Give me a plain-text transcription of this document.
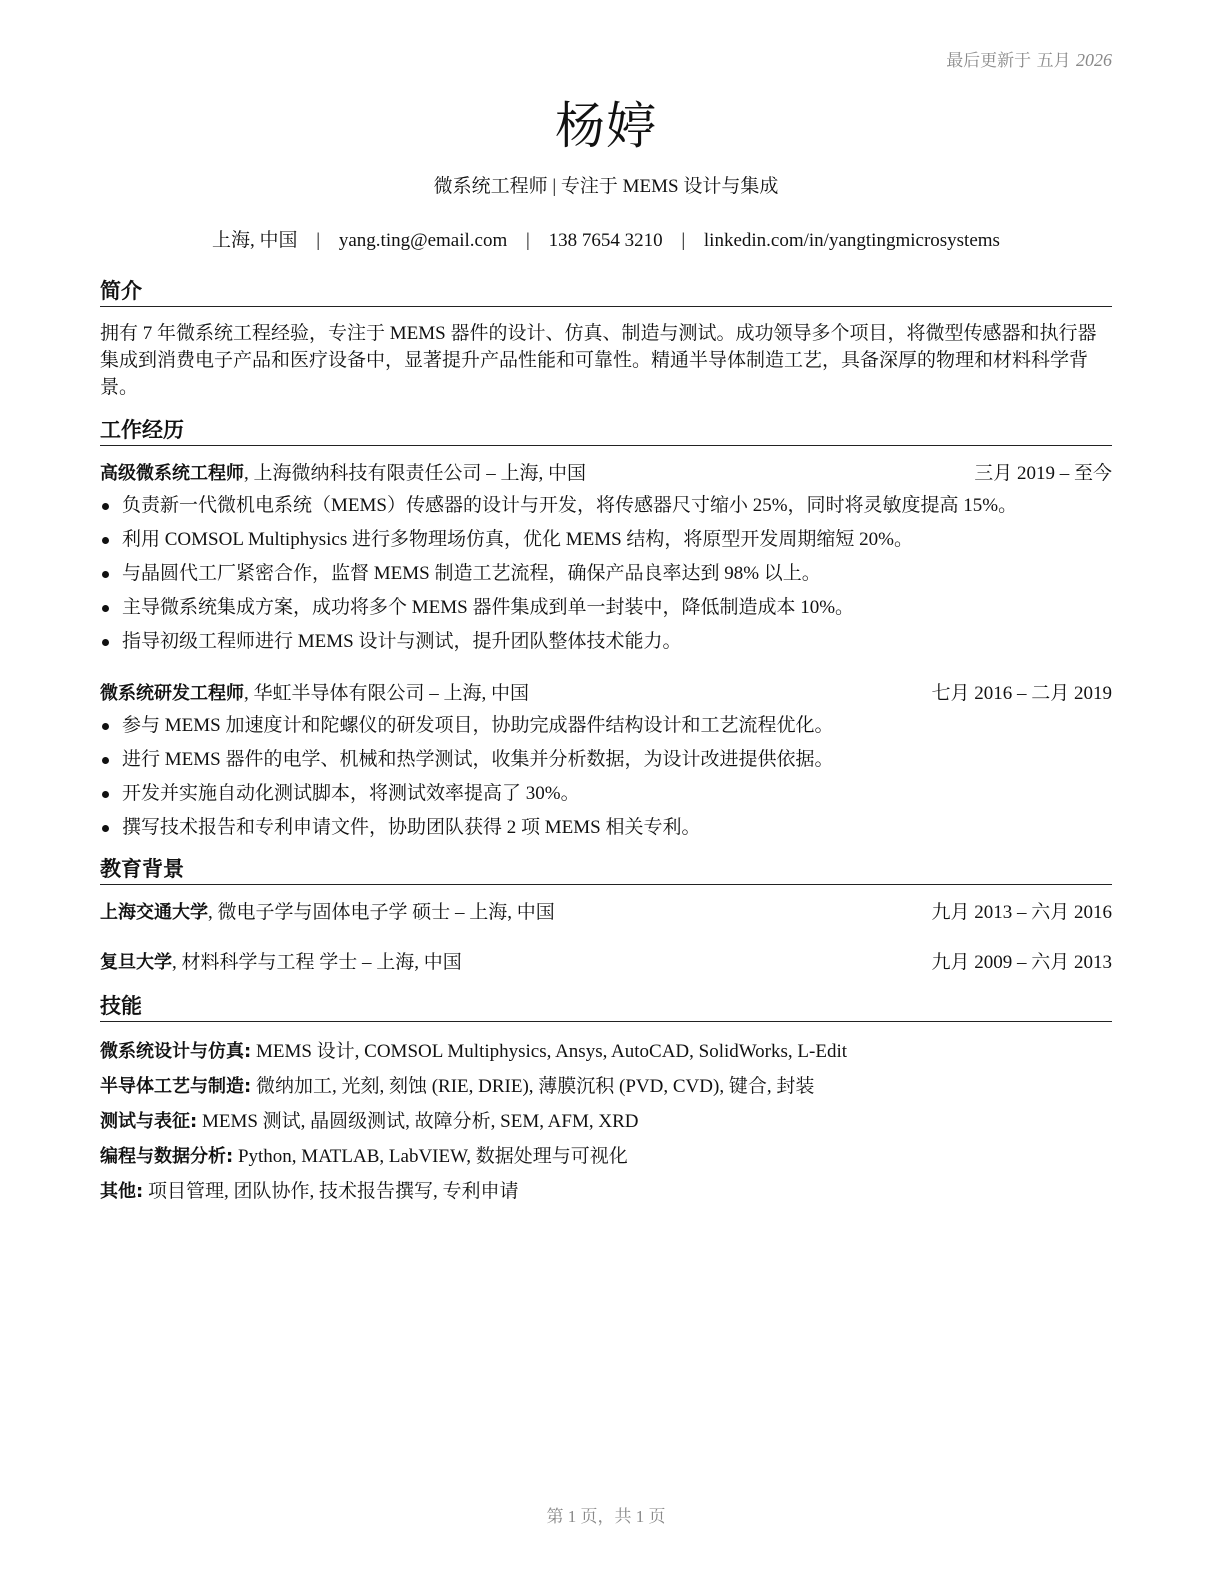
最后更新于 五月 2026
杨婷
微系统工程师 | 专注于 MEMS 设计与集成
上海, 中国 | yang.ting@email.com | 138 7654 3210 | linkedin.com/in/yangtingmicrosystems
简介
拥有 7 年微系统工程经验，专注于 MEMS 器件的设计、仿真、制造与测试。成功领导多个项目，将微型传感器和执行器集成到消费电子产品和医疗设备中，显著提升产品性能和可靠性。精通半导体制造工艺，具备深厚的物理和材料科学背景。
工作经历
高级微系统工程师, 上海微纳科技有限责任公司 – 上海, 中国	三月 2019 – 至今
负责新一代微机电系统（MEMS）传感器的设计与开发，将传感器尺寸缩小 25%，同时将灵敏度提高 15%。
利用 COMSOL Multiphysics 进行多物理场仿真，优化 MEMS 结构，将原型开发周期缩短 20%。
与晶圆代工厂紧密合作，监督 MEMS 制造工艺流程，确保产品良率达到 98% 以上。
主导微系统集成方案，成功将多个 MEMS 器件集成到单一封装中，降低制造成本 10%。
指导初级工程师进行 MEMS 设计与测试，提升团队整体技术能力。
微系统研发工程师, 华虹半导体有限公司 – 上海, 中国	七月 2016 – 二月 2019
参与 MEMS 加速度计和陀螺仪的研发项目，协助完成器件结构设计和工艺流程优化。
进行 MEMS 器件的电学、机械和热学测试，收集并分析数据，为设计改进提供依据。
开发并实施自动化测试脚本，将测试效率提高了 30%。
撰写技术报告和专利申请文件，协助团队获得 2 项 MEMS 相关专利。
教育背景
上海交通大学, 微电子学与固体电子学 硕士 – 上海, 中国	九月 2013 – 六月 2016
复旦大学, 材料科学与工程 学士 – 上海, 中国	九月 2009 – 六月 2013
技能
微系统设计与仿真: MEMS 设计, COMSOL Multiphysics, Ansys, AutoCAD, SolidWorks, L-Edit
半导体工艺与制造: 微纳加工, 光刻, 刻蚀 (RIE, DRIE), 薄膜沉积 (PVD, CVD), 键合, 封装
测试与表征: MEMS 测试, 晶圆级测试, 故障分析, SEM, AFM, XRD
编程与数据分析: Python, MATLAB, LabVIEW, 数据处理与可视化
其他: 项目管理, 团队协作, 技术报告撰写, 专利申请
第 1 页，共 1 页
